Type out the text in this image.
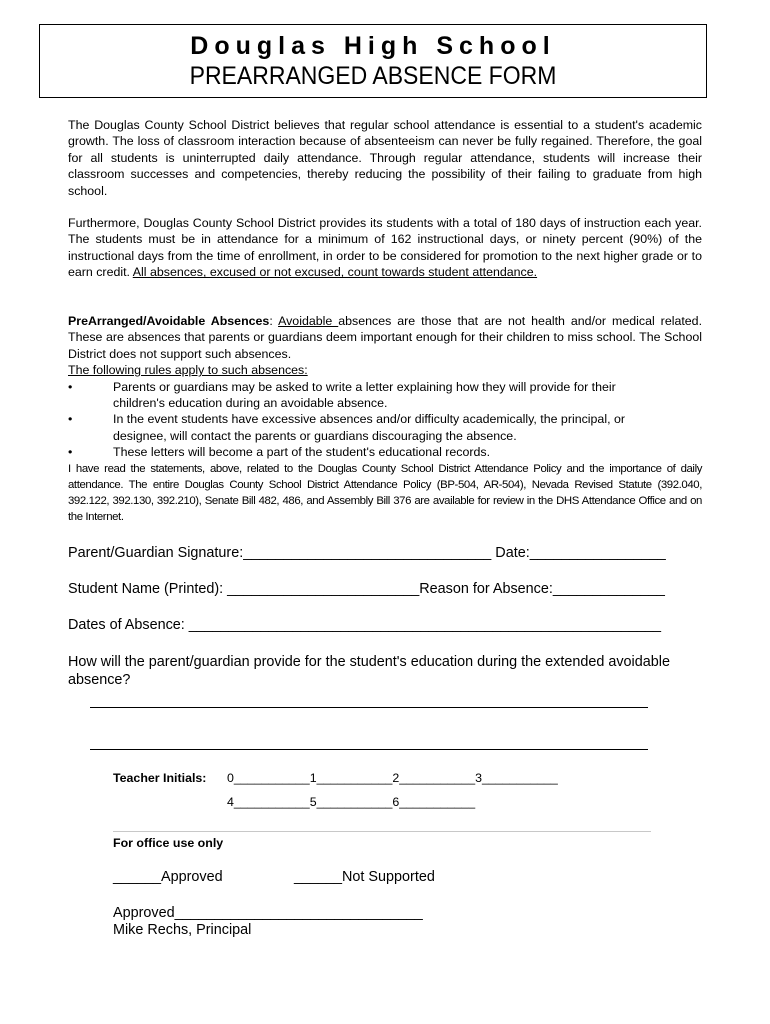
Douglas High School
PREARRANGED ABSENCE FORM

The Douglas County School District believes that regular school attendance is essential to a student's academic growth. The loss of classroom interaction because of absenteeism can never be fully regained. Therefore, the goal for all students is uninterrupted daily attendance. Through regular attendance, students will increase their classroom successes and competencies, thereby reducing the possibility of their failing to graduate from high school.

Furthermore, Douglas County School District provides its students with a total of 180 days of instruction each year. The students must be in attendance for a minimum of 162 instructional days, or ninety percent (90%) of the instructional days from the time of enrollment, in order to be considered for promotion to the next higher grade or to earn credit. All absences, excused or not excused, count towards student attendance.

PreArranged/Avoidable Absences: Avoidable absences are those that are not health and/or medical related. These are absences that parents or guardians deem important enough for their children to miss school. The School District does not support such absences.

The following rules apply to such absences:
•	Parents or guardians may be asked to write a letter explaining how they will provide for their children's education during an avoidable absence.
•	In the event students have excessive absences and/or difficulty academically, the principal, or designee, will contact the parents or guardians discouraging the absence.
•	These letters will become a part of the student's educational records.
I have read the statements, above, related to the Douglas County School District Attendance Policy and the importance of daily attendance. The entire Douglas County School District Attendance Policy (BP-504, AR-504), Nevada Revised Statute (392.040, 392.122, 392.130, 392.210), Senate Bill 482, 486, and Assembly Bill 376 are available for review in the DHS Attendance Office and on the Internet.
Parent/Guardian Signature:_______________________________ Date:_________________
Student Name (Printed): ________________________Reason for Absence:______________
Dates of Absence: ___________________________________________________________
How will the parent/guardian provide for the student's education during the extended avoidable absence?
Teacher Initials: 0___________1___________2___________3___________
4___________5___________6___________
For office use only
______Approved	______Not Supported
Approved_______________________________
Mike Rechs, Principal
